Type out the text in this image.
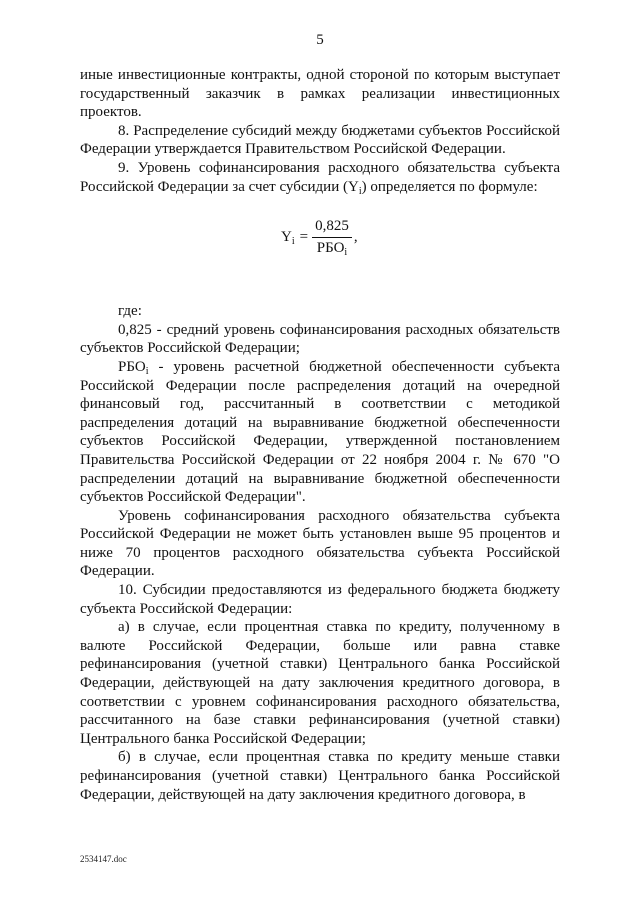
5

иные инвестиционные контракты, одной стороной по которым выступает государственный заказчик в рамках реализации инвестиционных проектов.

8. Распределение субсидий между бюджетами субъектов Российской Федерации утверждается Правительством Российской Федерации.

9. Уровень софинансирования расходного обязательства субъекта Российской Федерации за счет субсидии $(Y_i)$ определяется по формуле:

$Y_i = \frac{0,825}{РБО_i}$ ,

где:

0,825 - средний уровень софинансирования расходных обязательств субъектов Российской Федерации;

$РБО_i$ - уровень расчетной бюджетной обеспеченности субъекта Российской Федерации после распределения дотаций на очередной финансовый год, рассчитанный в соответствии с методикой распределения дотаций на выравнивание бюджетной обеспеченности субъектов Российской Федерации, утвержденной постановлением Правительства Российской Федерации от 22 ноября 2004 г. № 670 "О распределении дотаций на выравнивание бюджетной обеспеченности субъектов Российской Федерации".

Уровень софинансирования расходного обязательства субъекта Российской Федерации не может быть установлен выше 95 процентов и ниже 70 процентов расходного обязательства субъекта Российской Федерации.

10. Субсидии предоставляются из федерального бюджета бюджету субъекта Российской Федерации:

а) в случае, если процентная ставка по кредиту, полученному в валюте Российской Федерации, больше или равна ставке рефинансирования (учетной ставки) Центрального банка Российской Федерации, действующей на дату заключения кредитного договора, в соответствии с уровнем софинансирования расходного обязательства, рассчитанного на базе ставки рефинансирования (учетной ставки) Центрального банка Российской Федерации;

б) в случае, если процентная ставка по кредиту меньше ставки рефинансирования (учетной ставки) Центрального банка Российской Федерации, действующей на дату заключения кредитного договора, в

2534147.doc
